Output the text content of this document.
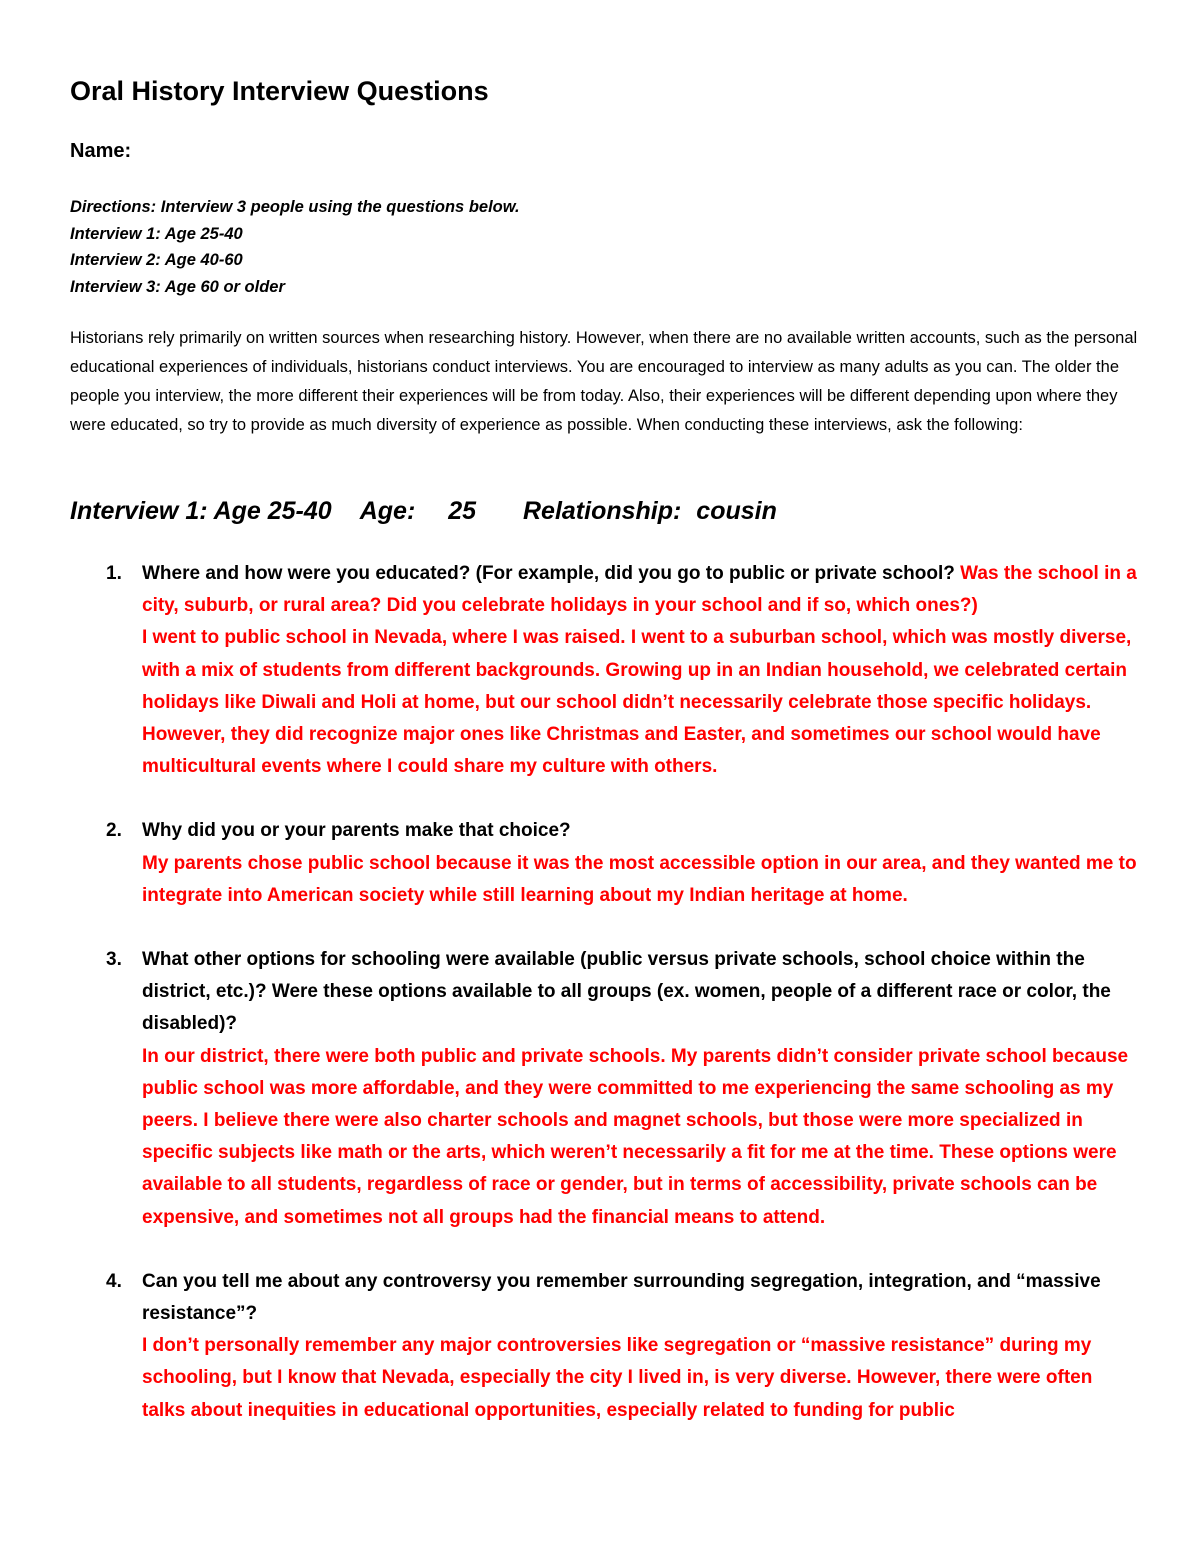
Oral History Interview Questions
Name:
Directions: Interview 3 people using the questions below.
Interview 1: Age 25-40
Interview 2: Age 40-60
Interview 3: Age 60 or older

Historians rely primarily on written sources when researching history. However, when there are no available written accounts, such as the personal educational experiences of individuals, historians conduct interviews. You are encouraged to interview as many adults as you can. The older the people you interview, the more different their experiences will be from today. Also, their experiences will be different depending upon where they were educated, so try to provide as much diversity of experience as possible. When conducting these interviews, ask the following:

Interview 1: Age 25-40 Age: 25 Relationship: cousin
1. Where and how were you educated? (For example, did you go to public or private school? Was the school in a city, suburb, or rural area? Did you celebrate holidays in your school and if so, which ones?)
I went to public school in Nevada, where I was raised. I went to a suburban school, which was mostly diverse, with a mix of students from different backgrounds. Growing up in an Indian household, we celebrated certain holidays like Diwali and Holi at home, but our school didn’t necessarily celebrate those specific holidays. However, they did recognize major ones like Christmas and Easter, and sometimes our school would have multicultural events where I could share my culture with others.
2. Why did you or your parents make that choice?
My parents chose public school because it was the most accessible option in our area, and they wanted me to integrate into American society while still learning about my Indian heritage at home.
3. What other options for schooling were available (public versus private schools, school choice within the district, etc.)? Were these options available to all groups (ex. women, people of a different race or color, the disabled)?
In our district, there were both public and private schools. My parents didn’t consider private school because public school was more affordable, and they were committed to me experiencing the same schooling as my peers. I believe there were also charter schools and magnet schools, but those were more specialized in specific subjects like math or the arts, which weren’t necessarily a fit for me at the time. These options were available to all students, regardless of race or gender, but in terms of accessibility, private schools can be expensive, and sometimes not all groups had the financial means to attend.
4. Can you tell me about any controversy you remember surrounding segregation, integration, and “massive resistance”?
I don’t personally remember any major controversies like segregation or “massive resistance” during my schooling, but I know that Nevada, especially the city I lived in, is very diverse. However, there were often talks about inequities in educational opportunities, especially related to funding for public
